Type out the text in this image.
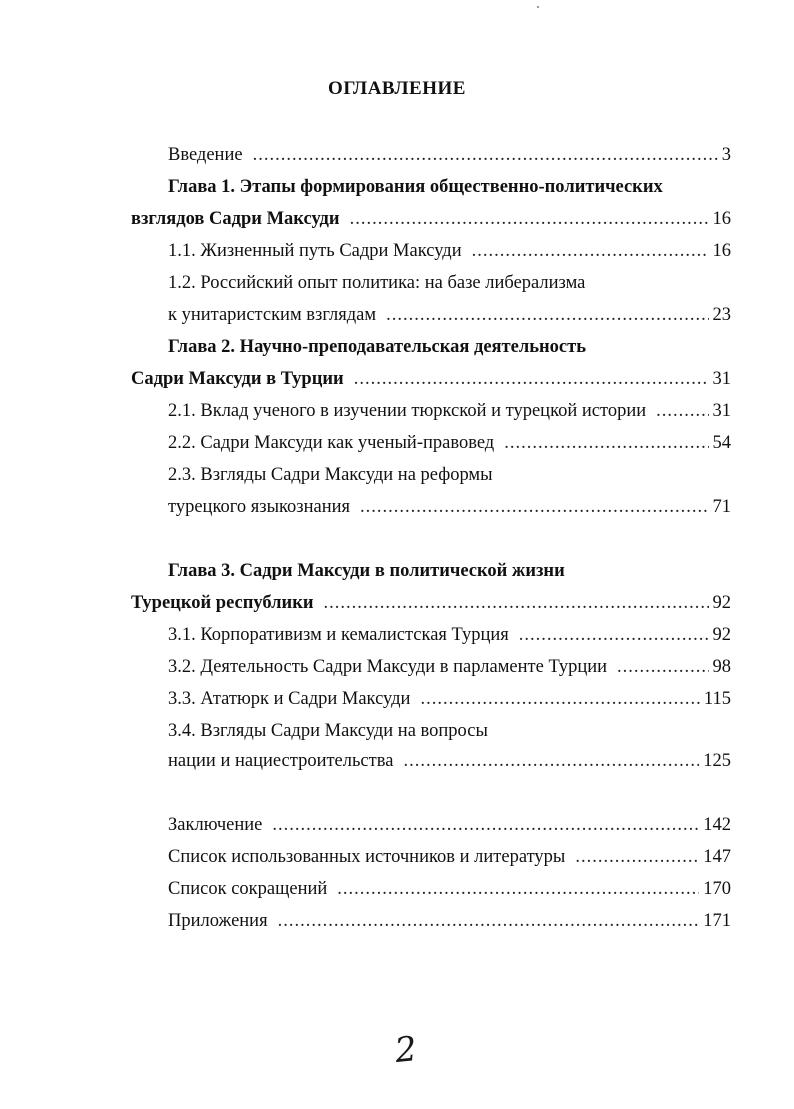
ОГЛАВЛЕНИЕ
Введение .....	3
Глава 1. Этапы формирования общественно-политических
взглядов Садри Максуди .....	16
1.1. Жизненный путь Садри Максуди .....	16
1.2. Российский опыт политика: на базе либерализма
к унитаристским взглядам .....	23
Глава 2. Научно-преподавательская деятельность
Садри Максуди в Турции .....	31
2.1. Вклад ученого в изучении тюркской и турецкой истории .....	31
2.2. Садри Максуди как ученый-правовед .....	54
2.3. Взгляды Садри Максуди на реформы
турецкого языкознания .....	71
Глава 3. Садри Максуди в политической жизни
Турецкой республики .....	92
3.1. Корпоративизм и кемалистская Турция .....	92
3.2. Деятельность Садри Максуди в парламенте Турции .....	98
3.3. Ататюрк и Садри Максуди .....	115
3.4. Взгляды Садри Максуди на вопросы
нации и нациестроительства .....	125
Заключение .....	142
Список использованных источников и литературы .....	147
Список сокращений .....	170
Приложения .....	171
2
